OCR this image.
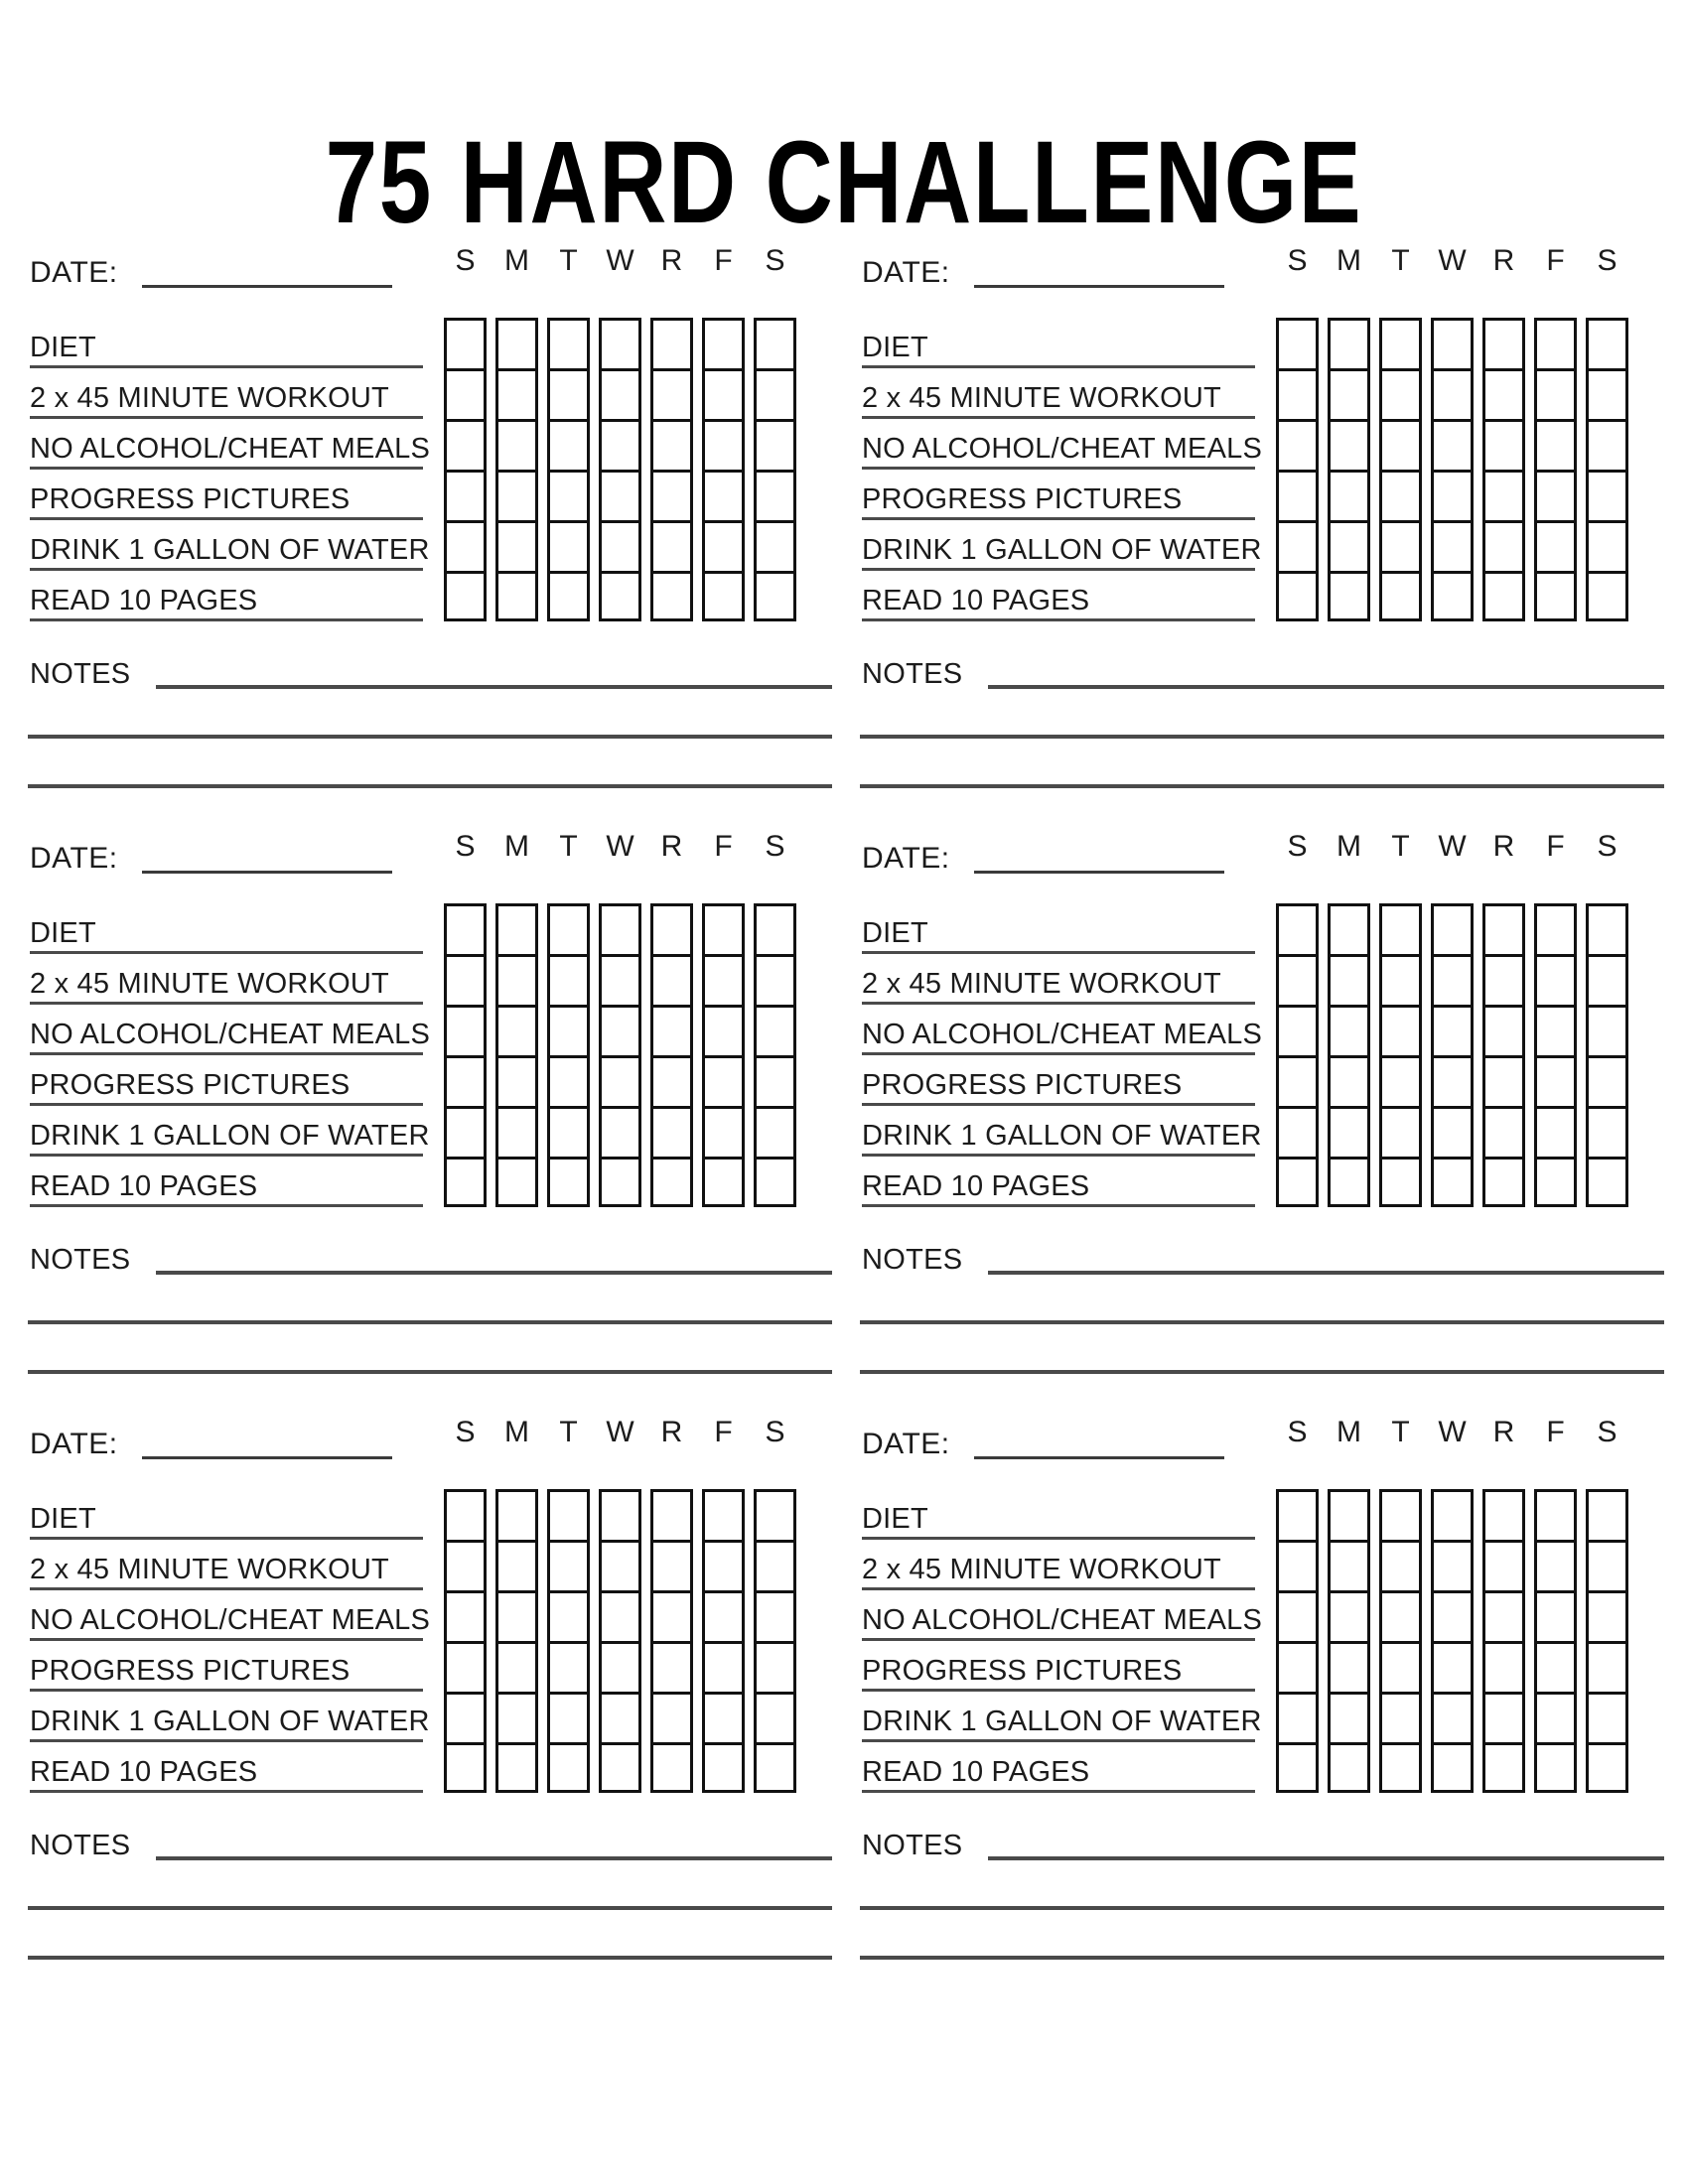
75 HARD CHALLENGE
DATE:	S M	T W R	F	S
DIET
2 x 45 MINUTE WORKOUT
NO ALCOHOL/CHEAT MEALS
PROGRESS PICTURES
DRINK 1 GALLON OF WATER
READ 10 PAGES
NOTES
DATE:	S M	T W R	F	S
DIET
2 x 45 MINUTE WORKOUT
NO ALCOHOL/CHEAT MEALS
PROGRESS PICTURES
DRINK 1 GALLON OF WATER
READ 10 PAGES
NOTES
DATE:	S M	T W R	F	S
DIET
2 x 45 MINUTE WORKOUT
NO ALCOHOL/CHEAT MEALS
PROGRESS PICTURES
DRINK 1 GALLON OF WATER
READ 10 PAGES
NOTES
DATE:	S M	T W R	F	S
DIET
2 x 45 MINUTE WORKOUT
NO ALCOHOL/CHEAT MEALS
PROGRESS PICTURES
DRINK 1 GALLON OF WATER
READ 10 PAGES
NOTES
DATE:	S M	T W R	F	S
DIET
2 x 45 MINUTE WORKOUT
NO ALCOHOL/CHEAT MEALS
PROGRESS PICTURES
DRINK 1 GALLON OF WATER
READ 10 PAGES
NOTES
DATE:	S M	T W R	F	S
DIET
2 x 45 MINUTE WORKOUT
NO ALCOHOL/CHEAT MEALS
PROGRESS PICTURES
DRINK 1 GALLON OF WATER
READ 10 PAGES
NOTES
